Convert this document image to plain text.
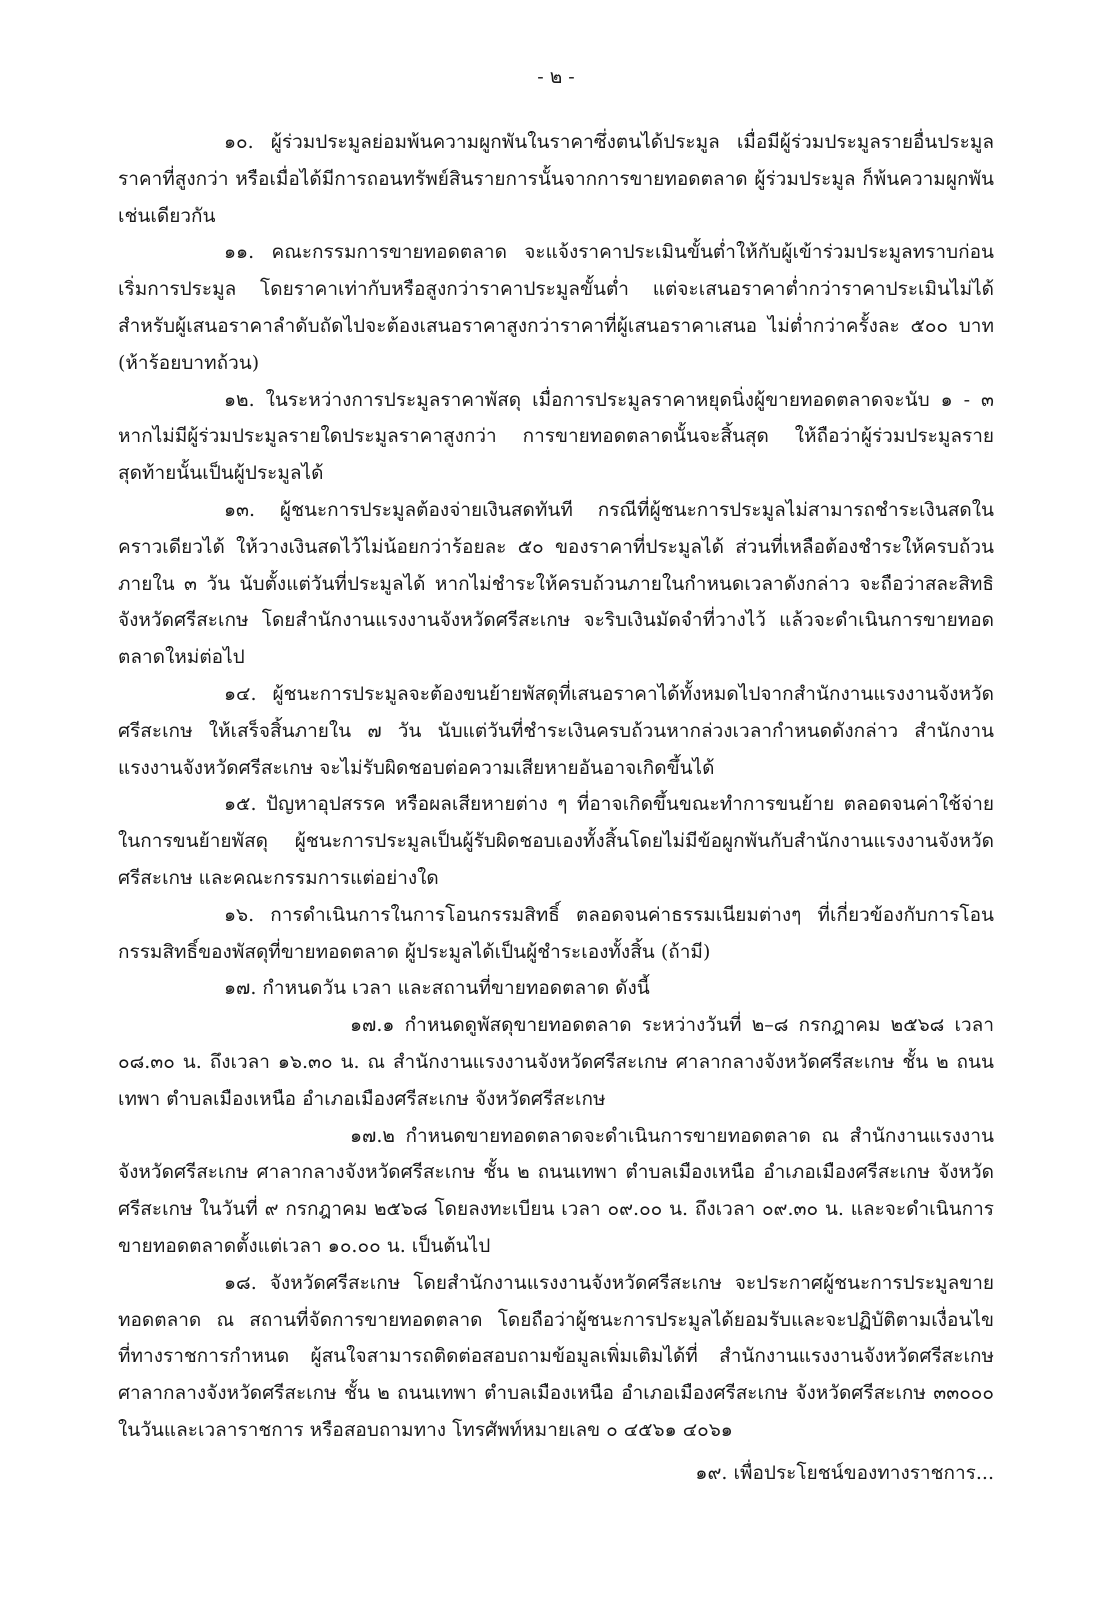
- ๒ -

๑๐. ผู้ร่วมประมูลย่อมพ้นความผูกพันในราคาซึ่งตนได้ประมูล เมื่อมีผู้ร่วมประมูลรายอื่นประมูลราคาที่สูงกว่า หรือเมื่อได้มีการถอนทรัพย์สินรายการนั้นจากการขายทอดตลาด ผู้ร่วมประมูล ก็พ้นความผูกพันเช่นเดียวกัน

๑๑. คณะกรรมการขายทอดตลาด จะแจ้งราคาประเมินขั้นต่ำให้กับผู้เข้าร่วมประมูลทราบก่อนเริ่มการประมูล โดยราคาเท่ากับหรือสูงกว่าราคาประมูลขั้นต่ำ แต่จะเสนอราคาต่ำกว่าราคาประเมินไม่ได้ สำหรับผู้เสนอราคาลำดับถัดไปจะต้องเสนอราคาสูงกว่าราคาที่ผู้เสนอราคาเสนอ ไม่ต่ำกว่าครั้งละ ๕๐๐ บาท (ห้าร้อยบาทถ้วน)

๑๒. ในระหว่างการประมูลราคาพัสดุ เมื่อการประมูลราคาหยุดนิ่งผู้ขายทอดตลาดจะนับ ๑ - ๓ หากไม่มีผู้ร่วมประมูลรายใดประมูลราคาสูงกว่า การขายทอดตลาดนั้นจะสิ้นสุด ให้ถือว่าผู้ร่วมประมูลรายสุดท้ายนั้นเป็นผู้ประมูลได้

๑๓. ผู้ชนะการประมูลต้องจ่ายเงินสดทันที กรณีที่ผู้ชนะการประมูลไม่สามารถชำระเงินสดในคราวเดียวได้ ให้วางเงินสดไว้ไม่น้อยกว่าร้อยละ ๕๐ ของราคาที่ประมูลได้ ส่วนที่เหลือต้องชำระให้ครบถ้วนภายใน ๓ วัน นับตั้งแต่วันที่ประมูลได้ หากไม่ชำระให้ครบถ้วนภายในกำหนดเวลาดังกล่าว จะถือว่าสละสิทธิ จังหวัดศรีสะเกษ โดยสำนักงานแรงงานจังหวัดศรีสะเกษ จะริบเงินมัดจำที่วางไว้ แล้วจะดำเนินการขายทอดตลาดใหม่ต่อไป

๑๔. ผู้ชนะการประมูลจะต้องขนย้ายพัสดุที่เสนอราคาได้ทั้งหมดไปจากสำนักงานแรงงานจังหวัดศรีสะเกษ ให้เสร็จสิ้นภายใน ๗ วัน นับแต่วันที่ชำระเงินครบถ้วนหากล่วงเวลากำหนดดังกล่าว สำนักงานแรงงานจังหวัดศรีสะเกษ จะไม่รับผิดชอบต่อความเสียหายอันอาจเกิดขึ้นได้

๑๕. ปัญหาอุปสรรค หรือผลเสียหายต่าง ๆ ที่อาจเกิดขึ้นขณะทำการขนย้าย ตลอดจนค่าใช้จ่ายในการขนย้ายพัสดุ ผู้ชนะการประมูลเป็นผู้รับผิดชอบเองทั้งสิ้นโดยไม่มีข้อผูกพันกับสำนักงานแรงงานจังหวัดศรีสะเกษ และคณะกรรมการแต่อย่างใด

๑๖. การดำเนินการในการโอนกรรมสิทธิ์ ตลอดจนค่าธรรมเนียมต่างๆ ที่เกี่ยวข้องกับการโอนกรรมสิทธิ์ของพัสดุที่ขายทอดตลาด ผู้ประมูลได้เป็นผู้ชำระเองทั้งสิ้น (ถ้ามี)

๑๗. กำหนดวัน เวลา และสถานที่ขายทอดตลาด ดังนี้

๑๗.๑ กำหนดดูพัสดุขายทอดตลาด ระหว่างวันที่ ๒–๘ กรกฎาคม ๒๕๖๘ เวลา ๐๘.๓๐ น. ถึงเวลา ๑๖.๓๐ น. ณ สำนักงานแรงงานจังหวัดศรีสะเกษ ศาลากลางจังหวัดศรีสะเกษ ชั้น ๒ ถนนเทพา ตำบลเมืองเหนือ อำเภอเมืองศรีสะเกษ จังหวัดศรีสะเกษ

๑๗.๒ กำหนดขายทอดตลาดจะดำเนินการขายทอดตลาด ณ สำนักงานแรงงานจังหวัดศรีสะเกษ ศาลากลางจังหวัดศรีสะเกษ ชั้น ๒ ถนนเทพา ตำบลเมืองเหนือ อำเภอเมืองศรีสะเกษ จังหวัดศรีสะเกษ ในวันที่ ๙ กรกฎาคม ๒๕๖๘ โดยลงทะเบียน เวลา ๐๙.๐๐ น. ถึงเวลา ๐๙.๓๐ น. และจะดำเนินการขายทอดตลาดตั้งแต่เวลา ๑๐.๐๐ น. เป็นต้นไป

๑๘. จังหวัดศรีสะเกษ โดยสำนักงานแรงงานจังหวัดศรีสะเกษ จะประกาศผู้ชนะการประมูลขายทอดตลาด ณ สถานที่จัดการขายทอดตลาด โดยถือว่าผู้ชนะการประมูลได้ยอมรับและจะปฏิบัติตามเงื่อนไขที่ทางราชการกำหนด ผู้สนใจสามารถติดต่อสอบถามข้อมูลเพิ่มเติมได้ที่ สำนักงานแรงงานจังหวัดศรีสะเกษ ศาลากลางจังหวัดศรีสะเกษ ชั้น ๒ ถนนเทพา ตำบลเมืองเหนือ อำเภอเมืองศรีสะเกษ จังหวัดศรีสะเกษ ๓๓๐๐๐ ในวันและเวลาราชการ หรือสอบถามทาง โทรศัพท์หมายเลข ๐ ๔๕๖๑ ๔๐๖๑

๑๙. เพื่อประโยชน์ของทางราชการ...
